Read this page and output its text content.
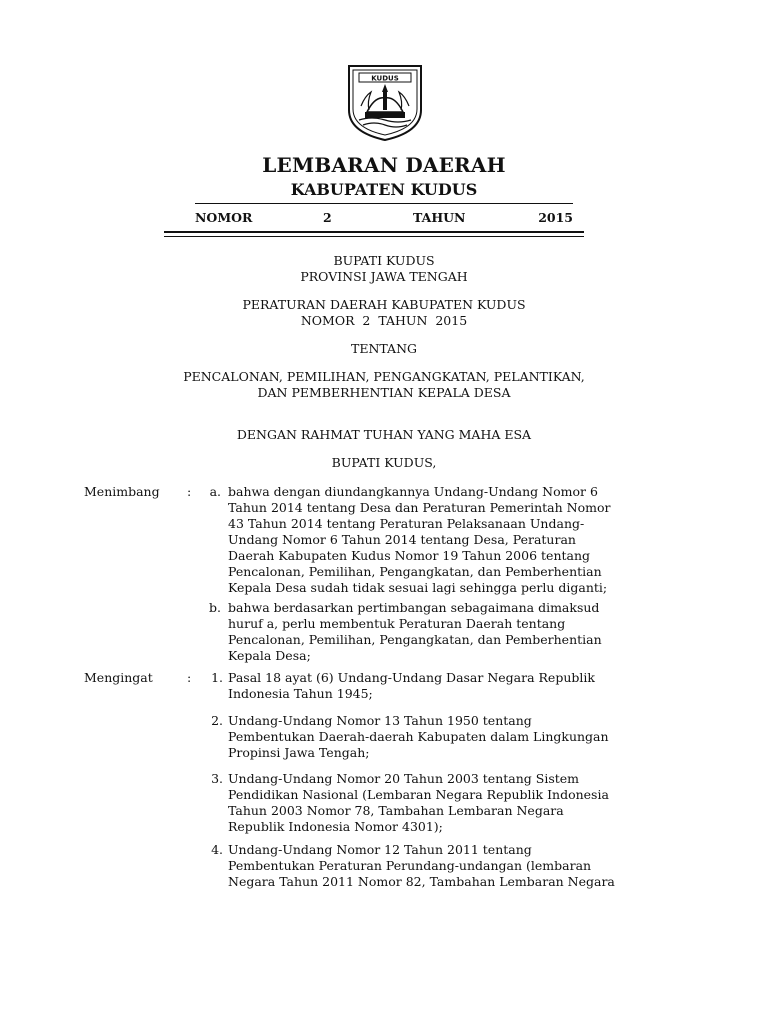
KUDUS
LEMBARAN DAERAH
KABUPATEN KUDUS
NOMOR	2	TAHUN	2015

BUPATI KUDUS

PROVINSI JAWA TENGAH

PERATURAN DAERAH KABUPATEN KUDUS

NOMOR  2  TAHUN  2015

TENTANG

PENCALONAN, PEMILIHAN, PENGANGKATAN, PELANTIKAN,

DAN PEMBERHENTIAN KEPALA DESA

DENGAN RAHMAT TUHAN YANG MAHA ESA

BUPATI KUDUS,

Menimbang :	a. bahwa dengan diundangkannya Undang-Undang Nomor 6
Tahun 2014 tentang Desa dan Peraturan Pemerintah Nomor
43 Tahun 2014 tentang Peraturan Pelaksanaan Undang-
Undang Nomor 6 Tahun 2014 tentang Desa, Peraturan
Daerah Kabupaten Kudus Nomor 19 Tahun 2006 tentang
Pencalonan, Pemilihan, Pengangkatan, dan Pemberhentian
Kepala Desa sudah tidak sesuai lagi sehingga perlu diganti;
b. bahwa berdasarkan pertimbangan sebagaimana dimaksud
huruf a, perlu membentuk Peraturan Daerah tentang
Pencalonan, Pemilihan, Pengangkatan, dan Pemberhentian
Kepala Desa;
Mengingat	:	1. Pasal 18 ayat (6) Undang-Undang Dasar Negara Republik
Indonesia Tahun 1945;
2. Undang-Undang Nomor 13 Tahun 1950 tentang
Pembentukan Daerah-daerah Kabupaten dalam Lingkungan
Propinsi Jawa Tengah;
3. Undang-Undang Nomor 20 Tahun 2003 tentang Sistem
Pendidikan Nasional (Lembaran Negara Republik Indonesia
Tahun 2003 Nomor 78, Tambahan Lembaran Negara
Republik Indonesia Nomor 4301);
4. Undang-Undang Nomor 12 Tahun 2011 tentang
Pembentukan Peraturan Perundang-undangan (lembaran
Negara Tahun 2011 Nomor 82, Tambahan Lembaran Negara
